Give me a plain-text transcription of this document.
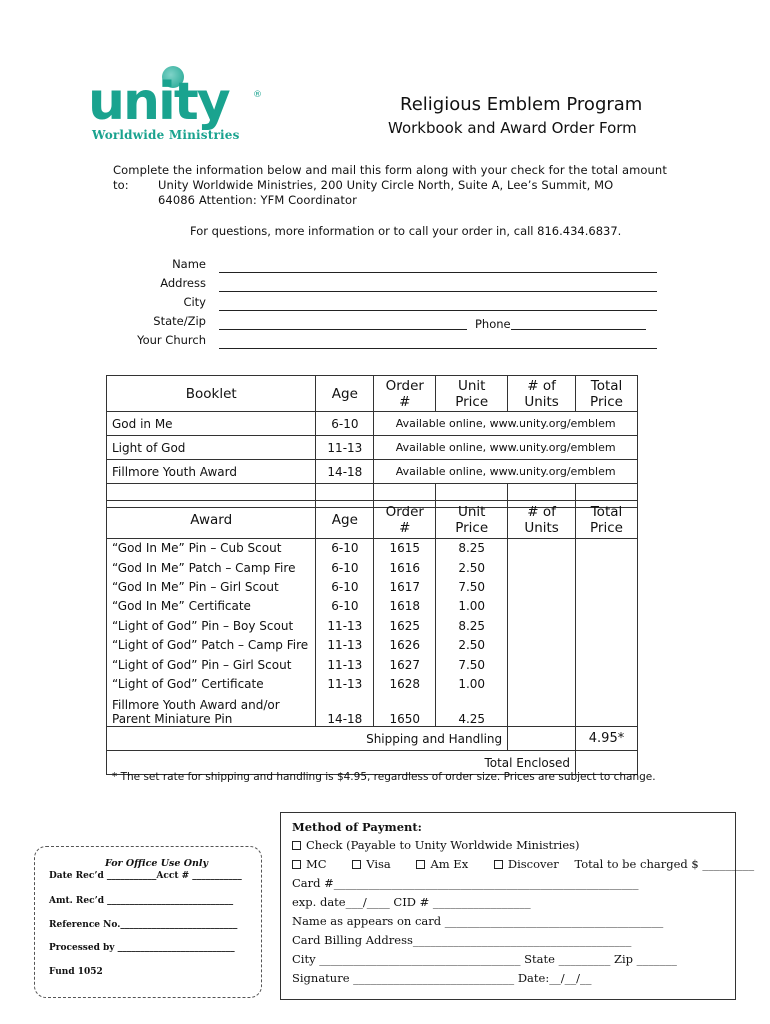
unity	®
Worldwide Ministries
Religious Emblem Program
Workbook and Award Order Form
Complete the information below and mail this form along with your check for the total amount
to:	Unity Worldwide Ministries, 200 Unity Circle North, Suite A, Lee’s Summit, MO
64086 Attention: YFM Coordinator
For questions, more information or to call your order in, call 816.434.6837.
Name
Address
City
State/Zip	Phone
Your Church
Booklet	Age	Order #	Unit Price	# of Units	Total Price
God in Me	6-10	Available online, www.unity.org/emblem			
Light of God	11-13	Available online, www.unity.org/emblem			
Fillmore Youth Award	14-18	Available online, www.unity.org/emblem			

Award	Age	Order #	Unit Price	# of Units	Total Price
“God In Me” Pin – Cub Scout	6-10	1615	8.25		
“God In Me” Patch – Camp Fire	6-10	1616	2.50		
“God In Me” Pin – Girl Scout	6-10	1617	7.50		
“God In Me” Certificate	6-10	1618	1.00		
“Light of God” Pin – Boy Scout	11-13	1625	8.25		
“Light of God” Patch – Camp Fire	11-13	1626	2.50		
“Light of God” Pin – Girl Scout	11-13	1627	7.50		
“Light of God” Certificate	11-13	1628	1.00		
Fillmore Youth Award and/or Parent Miniature Pin	14-18	1650	4.25		
Shipping and Handling					4.95*
Total Enclosed					
* The set rate for shipping and handling is $4.95, regardless of order size. Prices are subject to change.
For Office Use Only
Date Rec’d ___________Acct # ___________
Amt. Rec’d ____________________________
Reference No.__________________________
Processed by __________________________
Fund 1052
Method of Payment:
Check (Payable to Unity Worldwide Ministries)
MC	Visa	Am Ex	Discover Total to be charged $ _________
Card #_____________________________________________________
exp. date___/____ CID # _________________
Name as appears on card ______________________________________
Card Billing Address______________________________________
City ___________________________________ State _________ Zip _______
Signature ____________________________ Date:__/__/__
